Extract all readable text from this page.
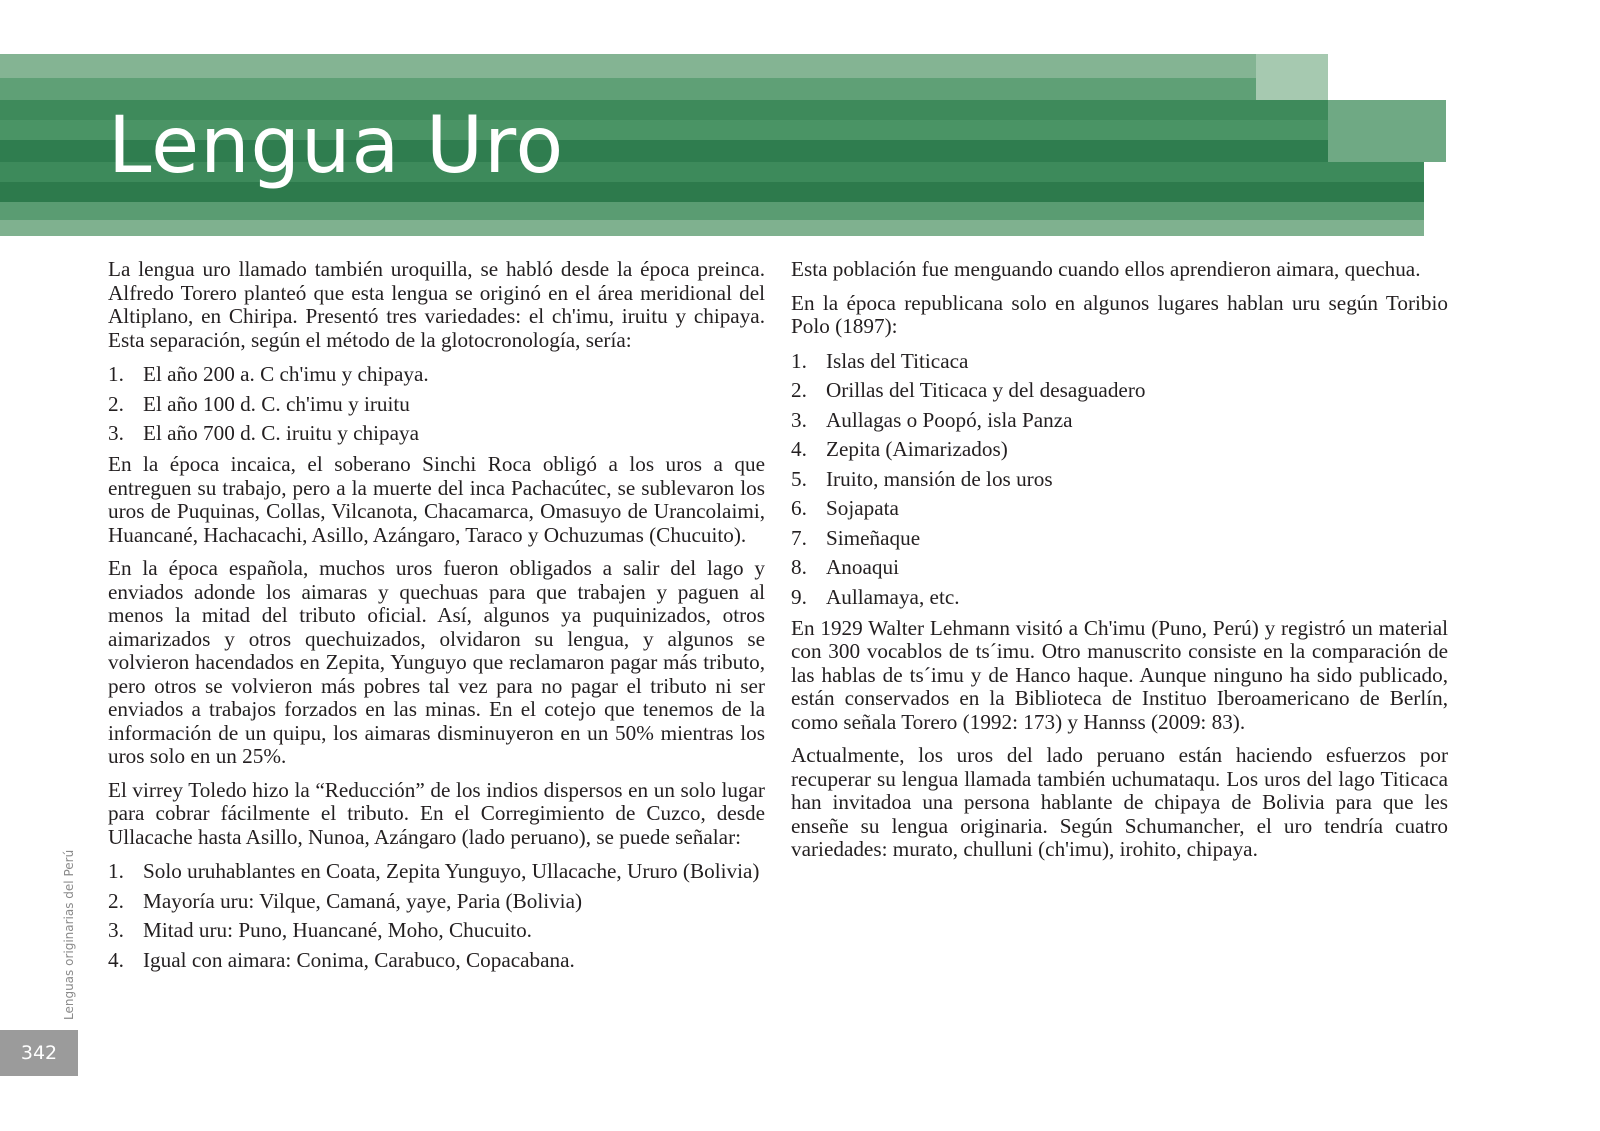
Lengua Uro

La lengua uro llamado también uroquilla, se habló desde la época preinca. Alfredo Torero planteó que esta lengua se originó en el área meridional del Altiplano, en Chiripa. Presentó tres variedades: el ch'imu, iruitu y chipaya. Esta separación, según el método de la glotocronología, sería:

1. El año 200 a. C ch'imu y chipaya.
2. El año 100 d. C. ch'imu y iruitu
3. El año 700 d. C. iruitu y chipaya

En la época incaica, el soberano Sinchi Roca obligó a los uros a que entreguen su trabajo, pero a la muerte del inca Pachacútec, se sublevaron los uros de Puquinas, Collas, Vilcanota, Chacamarca, Omasuyo de Urancolaimi, Huancané, Hachacachi, Asillo, Azángaro, Taraco y Ochuzumas (Chucuito).

En la época española, muchos uros fueron obligados a salir del lago y enviados adonde los aimaras y quechuas para que trabajen y paguen al menos la mitad del tributo oficial. Así, algunos ya puquinizados, otros aimarizados y otros quechuizados, olvidaron su lengua, y algunos se volvieron hacendados en Zepita, Yunguyo que reclamaron pagar más tributo, pero otros se volvieron más pobres tal vez para no pagar el tributo ni ser enviados a trabajos forzados en las minas. En el cotejo que tenemos de la información de un quipu, los aimaras disminuyeron en un 50% mientras los uros solo en un 25%.

El virrey Toledo hizo la “Reducción” de los indios dispersos en un solo lugar para cobrar fácilmente el tributo. En el Corregimiento de Cuzco, desde Ullacache hasta Asillo, Nunoa, Azángaro (lado peruano), se puede señalar:

1. Solo uruhablantes en Coata, Zepita Yunguyo, Ullacache, Ururo (Bolivia)
2. Mayoría uru: Vilque, Camaná, yaye, Paria (Bolivia)
3. Mitad uru: Puno, Huancané, Moho, Chucuito.
4. Igual con aimara: Conima, Carabuco, Copacabana.

Esta población fue menguando cuando ellos aprendieron aimara, quechua.

En la época republicana solo en algunos lugares hablan uru según Toribio Polo (1897):

1. Islas del Titicaca
2. Orillas del Titicaca y del desaguadero
3. Aullagas o Poopó, isla Panza
4. Zepita (Aimarizados)
5. Iruito, mansión de los uros
6. Sojapata
7. Simeñaque
8. Anoaqui
9. Aullamaya, etc.

En 1929 Walter Lehmann visitó a Ch'imu (Puno, Perú) y registró un material con 300 vocablos de ts´imu. Otro manuscrito consiste en la comparación de las hablas de ts´imu y de Hanco haque. Aunque ninguno ha sido publicado, están conservados en la Biblioteca de Instituo Iberoamericano de Berlín, como señala Torero (1992: 173) y Hannss (2009: 83).

Actualmente, los uros del lado peruano están haciendo esfuerzos por recuperar su lengua llamada también uchumataqu. Los uros del lago Titicaca han invitadoa una persona hablante de chipaya de Bolivia para que les enseñe su lengua originaria. Según Schumancher, el uro tendría cuatro variedades: murato, chulluni (ch'imu), irohito, chipaya.

Lenguas originarias del Perú
342
